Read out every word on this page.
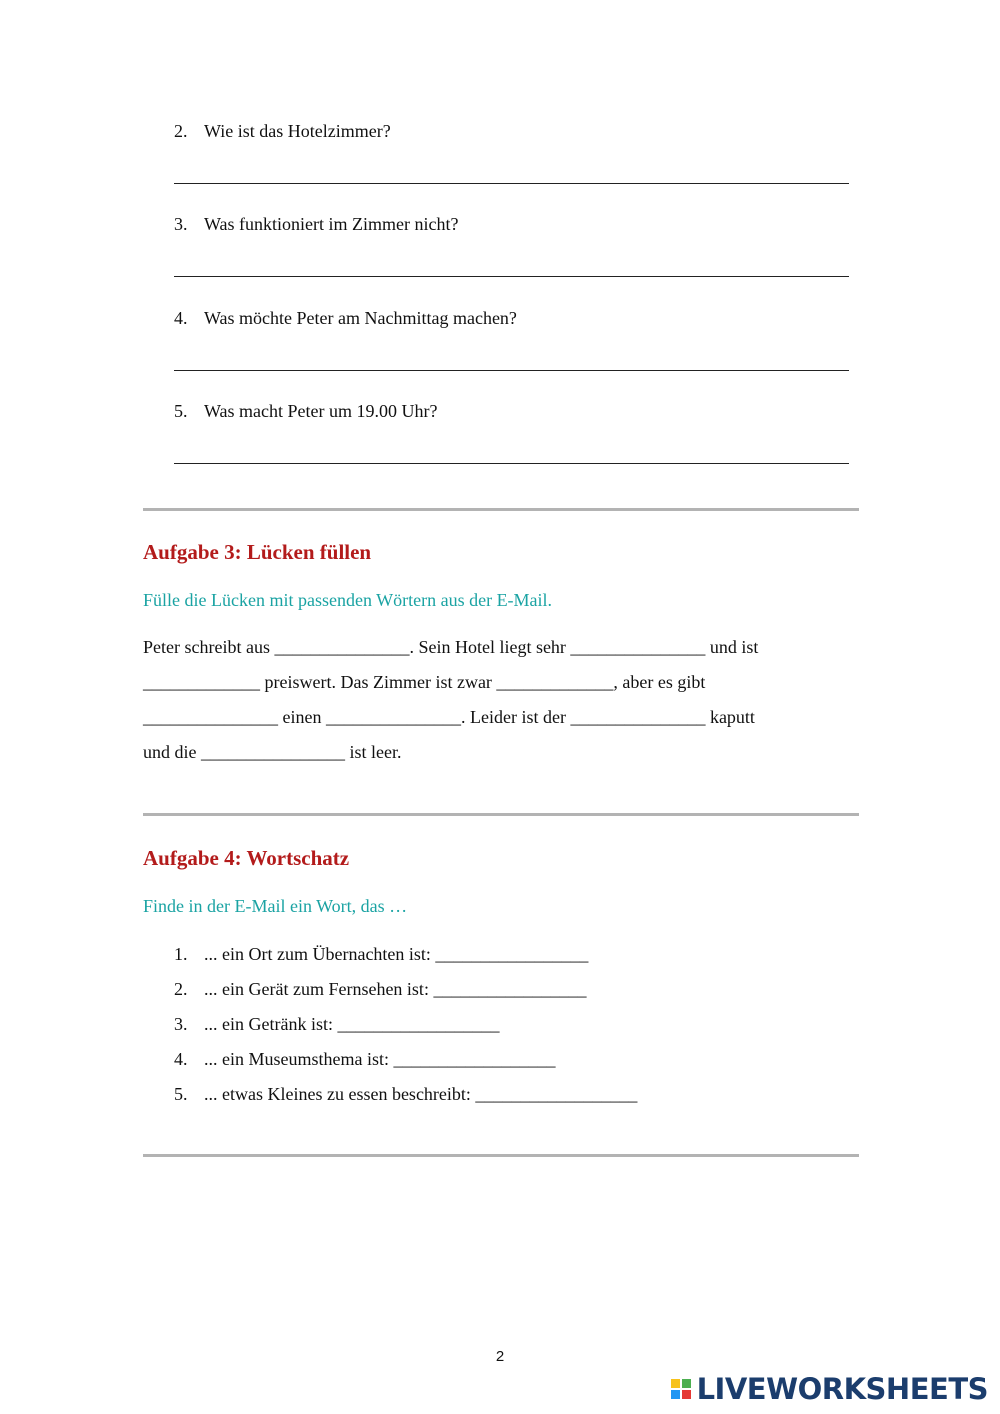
2. Wie ist das Hotelzimmer?
3. Was funktioniert im Zimmer nicht?
4. Was möchte Peter am Nachmittag machen?
5. Was macht Peter um 19.00 Uhr?
Aufgabe 3: Lücken füllen
Fülle die Lücken mit passenden Wörtern aus der E-Mail.

Peter schreibt aus _______________. Sein Hotel liegt sehr _______________ und ist

_____________ preiswert. Das Zimmer ist zwar _____________, aber es gibt

_______________ einen _______________. Leider ist der _______________ kaputt

und die ________________ ist leer.

Aufgabe 4: Wortschatz
Finde in der E-Mail ein Wort, das …
1. ... ein Ort zum Übernachten ist: _________________
2. ... ein Gerät zum Fernsehen ist: _________________
3. ... ein Getränk ist: __________________
4. ... ein Museumsthema ist: __________________
5. ... etwas Kleines zu essen beschreibt: __________________
2
LIVEWORKSHEETS
